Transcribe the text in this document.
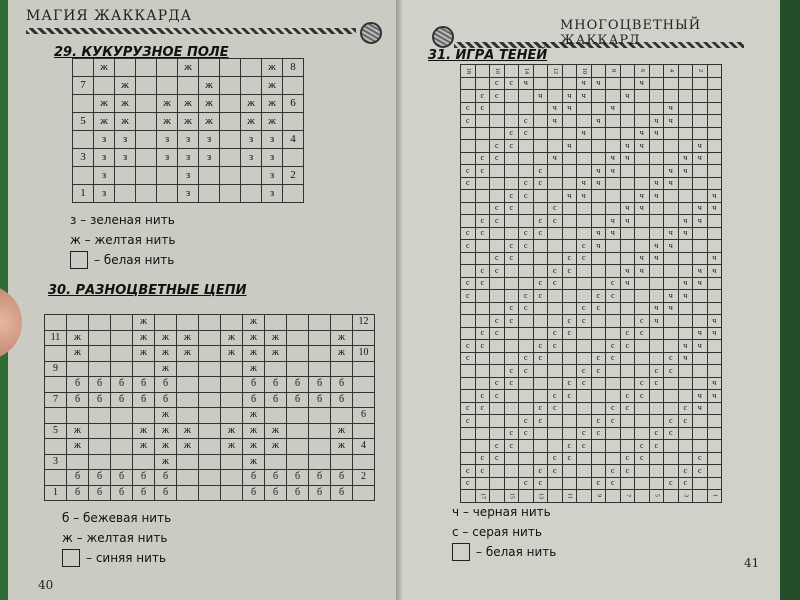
МАГИЯ ЖАККАРДА
29. КУКУРУЗНОЕ ПОЛЕ
	ж				ж				ж	8
7		ж				ж			ж	
	ж	ж		ж	ж	ж		ж	ж	6
5	ж	ж		ж	ж	ж		ж	ж	
	з	з		з	з	з		з	з	4
3	з	з		з	з	з		з	з	
	з				з				з	2
1	з				з				з	
з – зеленая нить
ж – желтая нить
– белая нить
30. РАЗНОЦВЕТНЫЕ ЦЕПИ
				ж					ж					12
11	ж			ж	ж	ж		ж	ж	ж			ж	
	ж			ж	ж	ж		ж	ж	ж			ж	10
9					ж				ж					
	б	б	б	б	б				б	б	б	б	б	
7	б	б	б	б	б				б	б	б	б	б	
					ж				ж					6
5	ж			ж	ж	ж		ж	ж	ж			ж	
	ж			ж	ж	ж		ж	ж	ж			ж	4
3					ж				ж					
	б	б	б	б	б				б	б	б	б	б	2
1	б	б	б	б	б				б	б	б	б	б	
б – бежевая нить
ж – желтая нить
– синяя нить
40
МНОГОЦВЕТНЫЙ ЖАККАРД
31. ИГРА ТЕНЕЙ
18		16		14		12		10		8		6		4		2	
		с	с	ч				ч	ч			ч					
	с	с			ч		ч	ч			ч						
с	с					ч	ч			ч				ч			
с				с		ч			ч				ч	ч			
			с	с				ч				ч	ч				
		с	с				ч				ч	ч				ч	
	с	с				ч				ч	ч				ч	ч	
с	с				с				ч	ч				ч	ч		
с				с	с			ч	ч				ч	ч			
			с	с			ч	ч				ч	ч				ч
		с	с			с					ч	ч				ч	ч
	с	с			с	с				ч	ч				ч	ч	
с	с			с	с				ч	ч				ч	ч		
с			с	с				с	ч				ч	ч			
		с	с				с	с				ч	ч				ч
	с	с				с	с				ч	ч				ч	ч
с	с				с	с				с	ч				ч	ч	
с				с	с				с	с				ч	ч		
			с	с				с	с				ч	ч			
		с	с				с	с				с	ч				ч
	с	с				с	с				с	с				ч	ч
с	с				с	с				с	с				ч	ч	
с				с	с				с	с				с	ч		
			с	с				с	с				с	с			
		с	с				с	с				с	с				ч
	с	с				с	с				с	с				ч	ч
с	с				с	с				с	с				с	ч	
с				с	с				с	с				с	с		
			с	с				с	с				с	с			
		с	с				с	с				с	с				
	с	с				с	с				с	с				с	
с	с				с	с				с	с				с	с	
с				с	с				с	с				с	с		
	17		15		13		11		9		7		5		3		1
ч – черная нить
с – серая нить
– белая нить
41
